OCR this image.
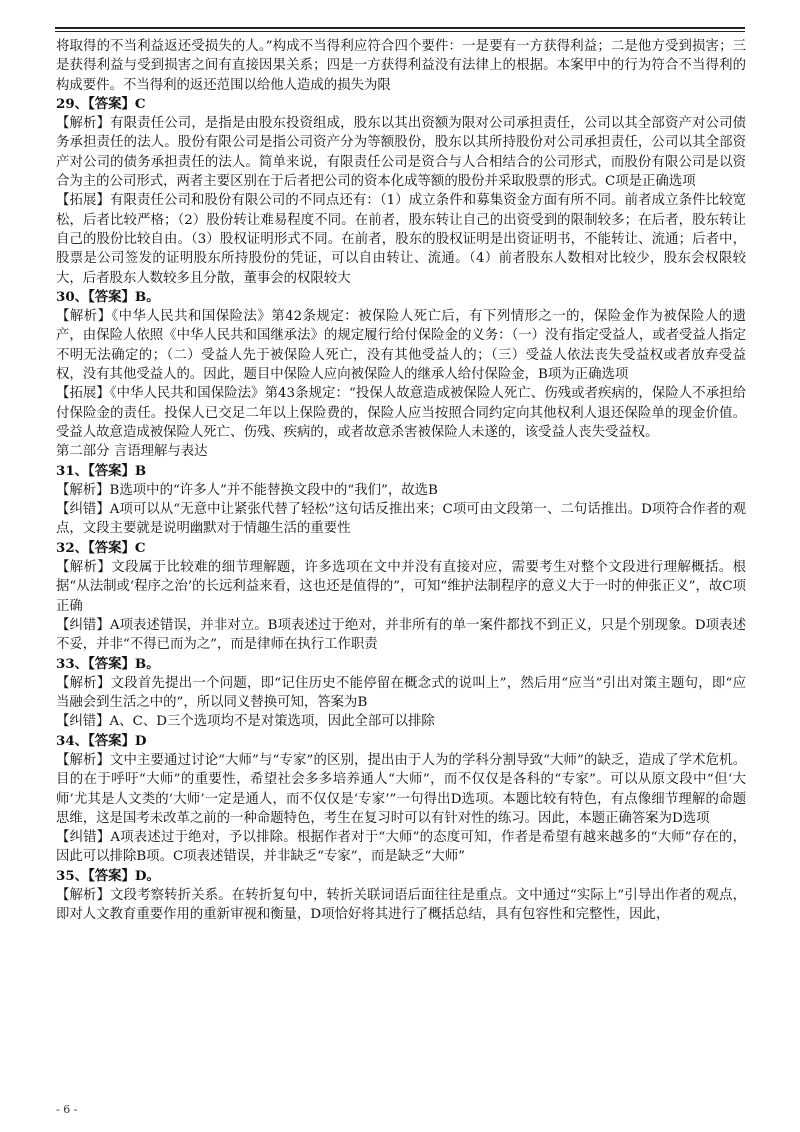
将取得的不当利益返还受损失的人。”构成不当得利应符合四个要件：一是要有一方获得利益；二是他方受到损害；三是获得利益与受到损害之间有直接因果关系；四是一方获得利益没有法律上的根据。本案甲中的行为符合不当得利的构成要件。不当得利的返还范围以给他人造成的损失为限
29、【答案】C
【解析】有限责任公司，是指是由股东投资组成，股东以其出资额为限对公司承担责任，公司以其全部资产对公司债务承担责任的法人。股份有限公司是指公司资产分为等额股份，股东以其所持股份对公司承担责任，公司以其全部资产对公司的债务承担责任的法人。简单来说，有限责任公司是资合与人合相结合的公司形式，而股份有限公司是以资合为主的公司形式，两者主要区别在于后者把公司的资本化成等额的股份并采取股票的形式。C项是正确选项
【拓展】有限责任公司和股份有限公司的不同点还有：（1）成立条件和募集资金方面有所不同。前者成立条件比较宽松，后者比较严格；（2）股份转让难易程度不同。在前者，股东转让自己的出资受到的限制较多；在后者，股东转让自己的股份比较自由。（3）股权证明形式不同。在前者，股东的股权证明是出资证明书，不能转让、流通；后者中，股票是公司签发的证明股东所持股份的凭证，可以自由转让、流通。（4）前者股东人数相对比较少，股东会权限较大，后者股东人数较多且分散，董事会的权限较大
30、【答案】B。
【解析】《中华人民共和国保险法》第42条规定：被保险人死亡后，有下列情形之一的，保险金作为被保险人的遗产，由保险人依照《中华人民共和国继承法》的规定履行给付保险金的义务：（一）没有指定受益人，或者受益人指定不明无法确定的；（二）受益人先于被保险人死亡，没有其他受益人的；（三）受益人依法丧失受益权或者放弃受益权，没有其他受益人的。因此，题目中保险人应向被保险人的继承人给付保险金，B项为正确选项
【拓展】《中华人民共和国保险法》第43条规定：“投保人故意造成被保险人死亡、伤残或者疾病的，保险人不承担给付保险金的责任。投保人已交足二年以上保险费的，保险人应当按照合同约定向其他权利人退还保险单的现金价值。受益人故意造成被保险人死亡、伤残、疾病的，或者故意杀害被保险人未遂的，该受益人丧失受益权。
第二部分 言语理解与表达
31、【答案】B
【解析】B选项中的“许多人”并不能替换文段中的“我们”，故选B
【纠错】A项可以从“无意中让紧张代替了轻松”这句话反推出来；C项可由文段第一、二句话推出。D项符合作者的观点，文段主要就是说明幽默对于情趣生活的重要性
32、【答案】C
【解析】文段属于比较难的细节理解题，许多选项在文中并没有直接对应，需要考生对整个文段进行理解概括。根据“从法制或‘程序之治’的长远利益来看，这也还是值得的”，可知“维护法制程序的意义大于一时的伸张正义”，故C项正确
【纠错】A项表述错误，并非对立。B项表述过于绝对，并非所有的单一案件都找不到正义，只是个别现象。D项表述不妥，并非“不得已而为之”，而是律师在执行工作职责
33、【答案】B。
【解析】文段首先提出一个问题，即“记住历史不能停留在概念式的说叫上”，然后用“应当”引出对策主题句，即“应当融会到生活之中的”，所以同义替换可知，答案为B
【纠错】A、C、D三个选项均不是对策选项，因此全部可以排除
34、【答案】D
【解析】文中主要通过讨论“大师”与“专家”的区别，提出由于人为的学科分割导致“大师”的缺乏，造成了学术危机。目的在于呼吁“大师”的重要性，希望社会多多培养通人“大师”，而不仅仅是各科的“专家”。可以从原文段中“但‘大师’尤其是人文类的‘大师’一定是通人，而不仅仅是‘专家’”一句得出D选项。本题比较有特色，有点像细节理解的命题思维，这是国考未改革之前的一种命题特色，考生在复习时可以有针对性的练习。因此，本题正确答案为D选项
【纠错】A项表述过于绝对，予以排除。根据作者对于“大师”的态度可知，作者是希望有越来越多的“大师”存在的，因此可以排除B项。C项表述错误，并非缺乏“专家”，而是缺乏“大师”
35、【答案】D。
【解析】文段考察转折关系。在转折复句中，转折关联词语后面往往是重点。文中通过“实际上”引导出作者的观点，即对人文教育重要作用的重新审视和衡量，D项恰好将其进行了概括总结，具有包容性和完整性，因此，
- 6 -
